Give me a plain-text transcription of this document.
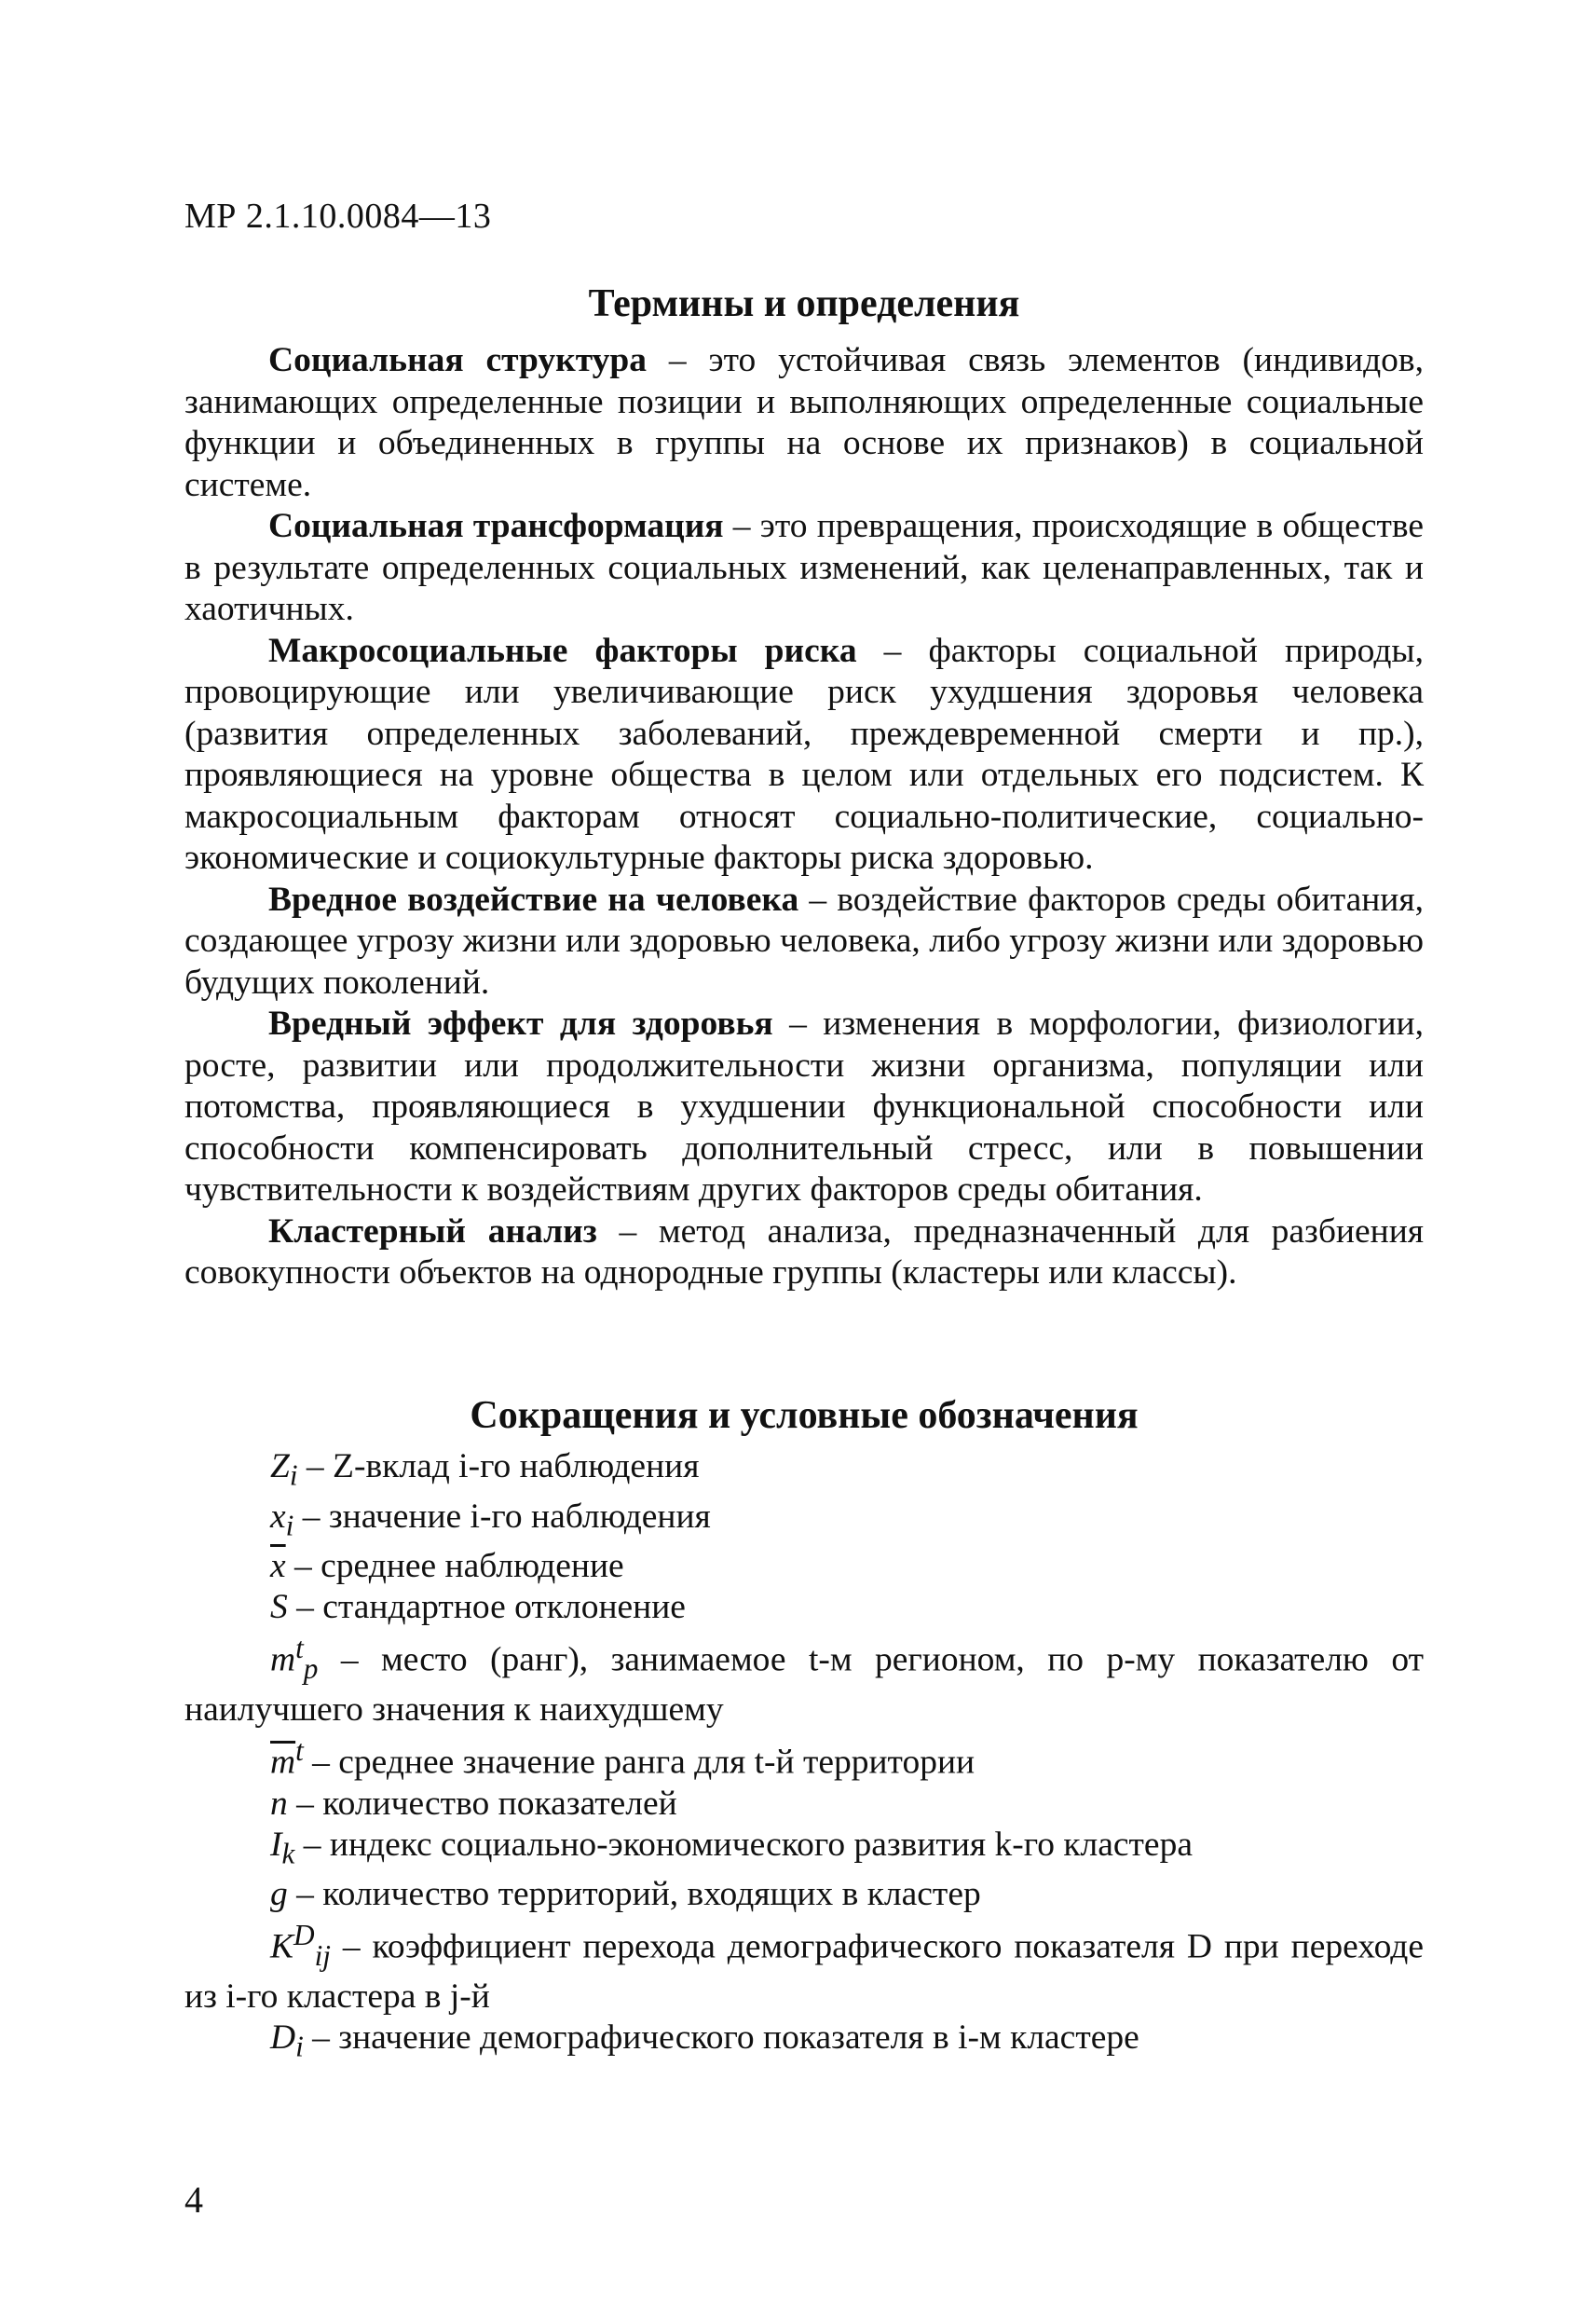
МР 2.1.10.0084—13
Термины и определения

Социальная структура – это устойчивая связь элементов (индивидов, занимающих определенные позиции и выполняющих определенные социальные функции и объединенных в группы на основе их признаков) в социальной системе.

Социальная трансформация – это превращения, происходящие в обществе в результате определенных социальных изменений, как целенаправленных, так и хаотичных.

Макросоциальные факторы риска – факторы социальной природы, провоцирующие или увеличивающие риск ухудшения здоровья человека (развития определенных заболеваний, преждевременной смерти и пр.), проявляющиеся на уровне общества в целом или отдельных его подсистем. К макросоциальным факторам относят социально-политические, социально-экономические и социокультурные факторы риска здоровью.

Вредное воздействие на человека – воздействие факторов среды обитания, создающее угрозу жизни или здоровью человека, либо угрозу жизни или здоровью будущих поколений.

Вредный эффект для здоровья – изменения в морфологии, физиологии, росте, развитии или продолжительности жизни организма, популяции или потомства, проявляющиеся в ухудшении функциональной способности или способности компенсировать дополнительный стресс, или в повышении чувствительности к воздействиям других факторов среды обитания.

Кластерный анализ – метод анализа, предназначенный для разбиения совокупности объектов на однородные группы (кластеры или классы).

Сокращения и условные обозначения

$Z_i$ – Z-вклад i-го наблюдения

$x_i$ – значение i-го наблюдения

$\overline{x}$ – среднее наблюдение

S – стандартное отклонение

$m^t_p$ – место (ранг), занимаемое t-м регионом, по p-му показателю от наилучшего значения к наихудшему

$\overline{m}^t$ – среднее значение ранга для t-й территории

n – количество показателей

$I_k$ – индекс социально-экономического развития k-го кластера

g – количество территорий, входящих в кластер

$K^D_{ij}$ – коэффициент перехода демографического показателя D при переходе из i-го кластера в j-й

$D_i$ – значение демографического показателя в i-м кластере

4
